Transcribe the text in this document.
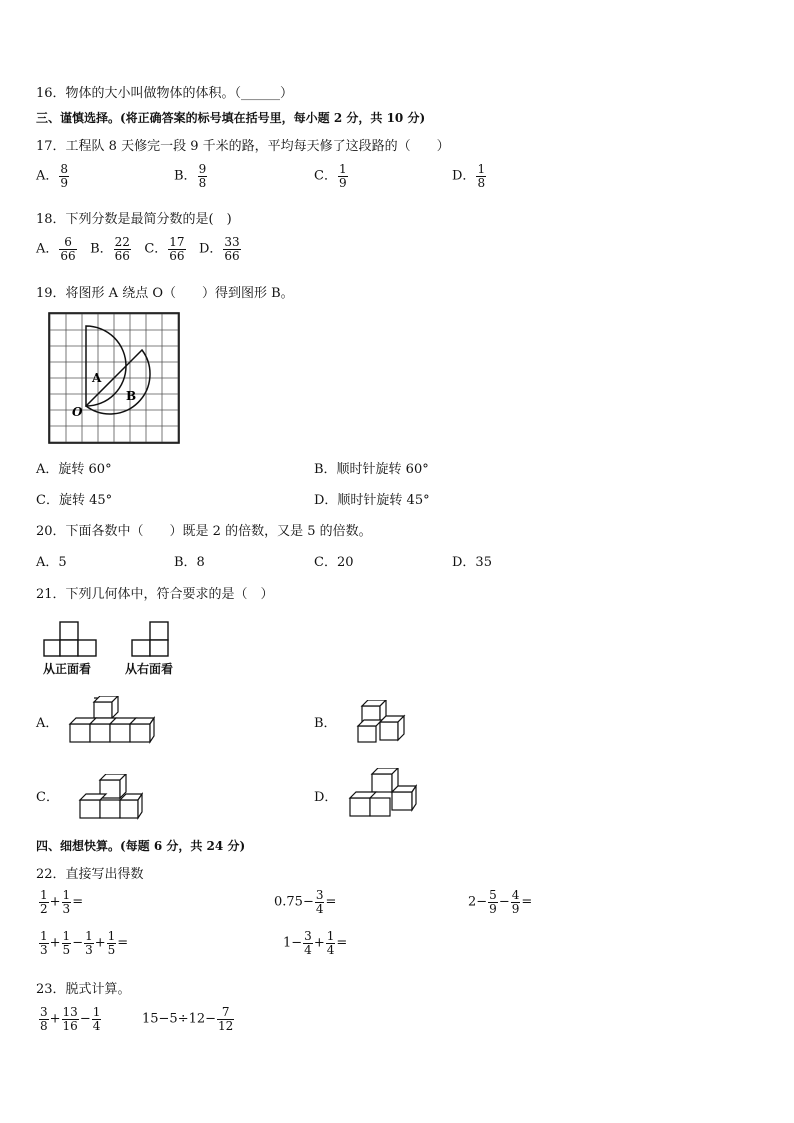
16．物体的大小叫做物体的体积。（______）
三、谨慎选择。(将正确答案的标号填在括号里，每小题 2 分，共 10 分)
17．工程队 8 天修完一段 9 千米的路，平均每天修了这段路的（　　）
A． $\frac{8}{9}$	B． $\frac{9}{8}$	C． $\frac{1}{9}$	D． $\frac{1}{8}$
18．下列分数是最简分数的是(　)
A． $\frac{6}{66}$ B． $\frac{22}{66}$ C． $\frac{17}{66}$ D． $\frac{33}{66}$
19．将图形 A 绕点 O（　　）得到图形 B。
A
B
O
A．旋转 60°	B．顺时针旋转 60°
C．旋转 45°	D．顺时针旋转 45°
20．下面各数中（　　）既是 2 的倍数，又是 5 的倍数。
A．5	B．8	C．20	D．35
21．下列几何体中，符合要求的是（　）
从正面看	从右面看
A．	B．
C．	D．
四、细想快算。(每题 6 分，共 24 分)
22．直接写出得数
$\frac{1}{2} + \frac{1}{3}$ =	$0.75- \frac{3}{4}$ =	$2- \frac{5}{9} - \frac{4}{9}$ =
$\frac{1}{3} + \frac{1}{5} - \frac{1}{3} + \frac{1}{5}$ =	$1- \frac{3}{4} + \frac{1}{4}$ =
23．脱式计算。
$\frac{3}{8} + \frac{13}{16} - \frac{1}{4}$	$15-5\div 12- \frac{7}{12}$
